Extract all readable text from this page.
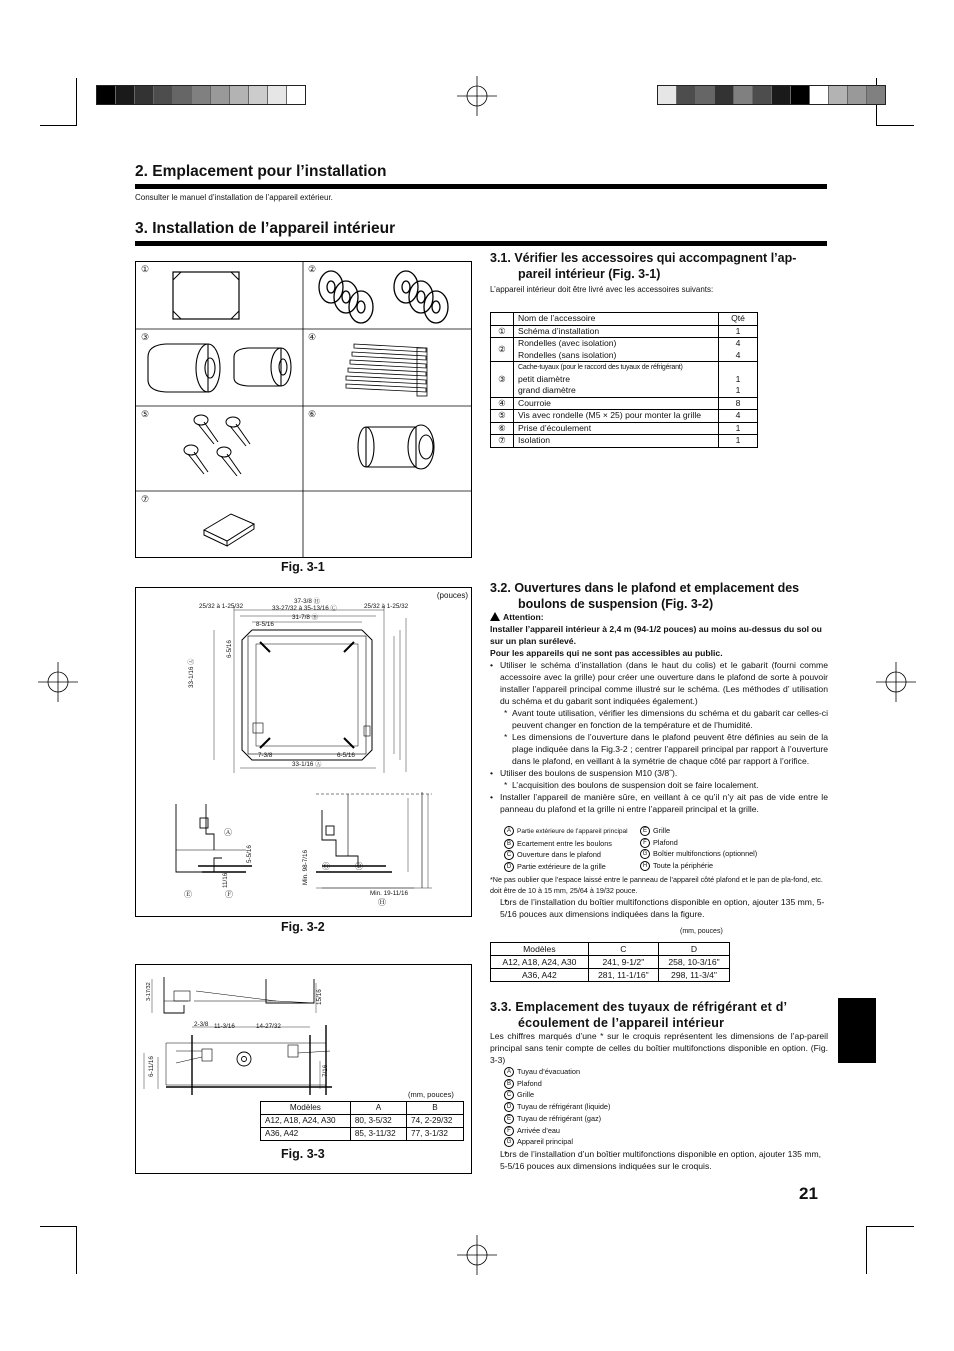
2. Emplacement pour l’installation
Consulter le manuel d’installation de l’appareil extérieur.
3. Installation de l’appareil intérieur
①	②
③	④
⑤	⑥
⑦
Fig. 3-1
3.1. Vérifier les accessoires qui accompagnent l’ap-
pareil intérieur (Fig. 3-1)
L’appareil intérieur doit être livré avec les accessoires suivants:
	Nom de l’accessoire	Qté
①	Schéma d’installation	1
②	Rondelles (avec isolation)	4
	Rondelles (sans isolation)	4
③	Cache-tuyaux (pour le raccord des tuyaux de réfrigérant)	
	petit diamètre	1
	grand diamètre	1
④	Courroie	8
⑤	Vis avec rondelle (M5 × 25) pour monter la grille	4
⑥	Prise d’écoulement	1
⑦	Isolation	1
(pouces)
37-3/8 Ⓗ
33-27/32 à 35-13/16 Ⓒ
31-7/8 Ⓑ
25/32 à 1-25/32	25/32 à 1-25/32
8-5/16
7-3/8
33-1/16 Ⓐ
6-5/16
33-1/16 Ⓐ
6-5/16
5-5/16
11/16	Min. 98-7/16
Min. 19-11/16
Ⓐ
Ⓔ	Ⓕ
Ⓖ	Ⓓ
Ⓗ
Fig. 3-2
3.2. Ouvertures dans le plafond et emplacement des
boulons de suspension (Fig. 3-2)
Attention:
Installer l’appareil intérieur à 2,4 m (94-1/2 pouces) au moins au-dessus du sol ou sur un plan surélevé.
Pour les appareils qui ne sont pas accessibles au public.
• Utiliser le schéma d’installation (dans le haut du colis) et le gabarit (fourni comme accessoire avec la grille) pour créer une ouverture dans le plafond de sorte à pouvoir installer l’appareil principal comme illustré sur le schéma. (Les méthodes d’ utilisation du schéma et du gabarit sont indiquées également.)
* Avant toute utilisation, vérifier les dimensions du schéma et du gabarit car celles-ci peuvent changer en fonction de la température et de l’humidité.
* Les dimensions de l’ouverture dans le plafond peuvent être définies au sein de la plage indiquée dans la Fig.3-2 ; centrer l’appareil principal par rapport à l’ouverture dans le plafond, en veillant à la symétrie de chaque côté par rapport à l’orifice.
• Utiliser des boulons de suspension M10 (3/8˝).
* L’acquisition des boulons de suspension doit se faire localement.
• Installer l’appareil de manière sûre, en veillant à ce qu’il n’y ait pas de vide entre le panneau du plafond et la grille ni entre l’appareil principal et la grille.
A Partie extérieure de l’appareil principal
B Ecartement entre les boulons
C Ouverture dans le plafond
D Partie extérieure de la grille
E Grille
F Plafond
G Boîtier multifonctions (optionnel)
H Toute la périphérie
*Ne pas oublier que l’espace laissé entre le panneau de l’appareil côté plafond et le pan de pla-fond, etc. doit être de 10 à 15 mm, 25/64 à 19/32 pouce.
* Lors de l’installation du boîtier multifonctions disponible en option, ajouter 135 mm, 5-5/16 pouces aux dimensions indiquées dans la figure.
(mm, pouces)
Modèles	C	D
A12, A18, A24, A30	241, 9-1/2"	258, 10-3/16"
A36, A42	281, 11-1/16"	298, 11-3/4"
2-3/8 11-3/16	14-27/32
15/16
6-11/16	7/16
3-17/32
(mm, pouces)
Modèles	A	B
A12, A18, A24, A30	80, 3-5/32	74, 2-29/32
A36, A42	85, 3-11/32	77, 3-1/32
Fig. 3-3
3.3. Emplacement des tuyaux de réfrigérant et d’
écoulement de l’appareil intérieur
Les chiffres marqués d’une * sur le croquis représentent les dimensions de l’ap-pareil principal sans tenir compte de celles du boîtier multifonctions disponible en option. (Fig. 3-3)
A Tuyau d’évacuation
B Plafond
C Grille
D Tuyau de réfrigérant (liquide)
E Tuyau de réfrigérant (gaz)
F Arrivée d’eau
G Appareil principal
* Lors de l’installation d’un boîtier multifonctions disponible en option, ajouter 135 mm, 5-5/16 pouces aux dimensions indiquées sur le croquis.
21
